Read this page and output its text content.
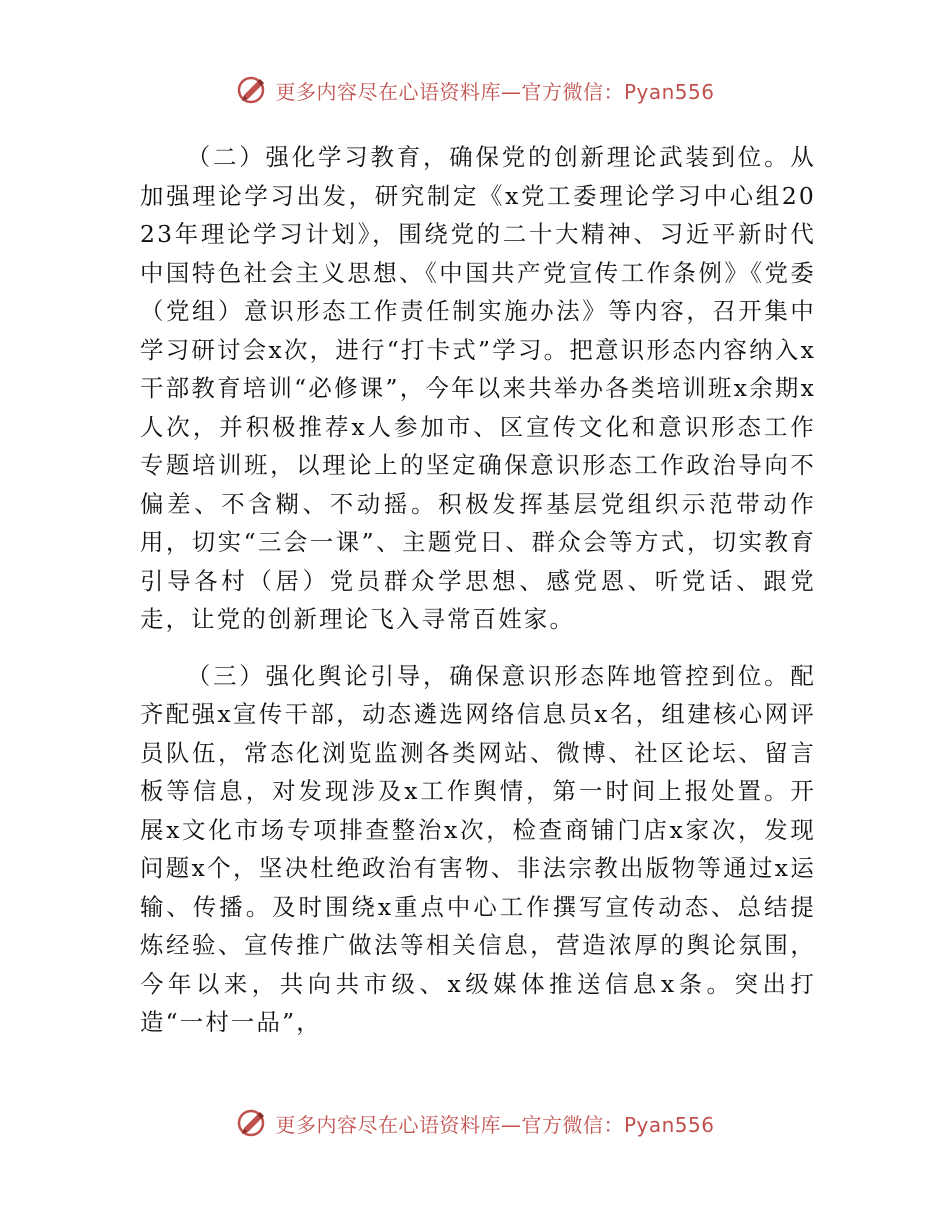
更多内容尽在心语资料库—官方微信：Pyan556

（二）强化学习教育，确保党的创新理论武装到位。从加强理论学习出发，研究制定《x党工委理论学习中心组2023年理论学习计划》，围绕党的二十大精神、习近平新时代中国特色社会主义思想、《中国共产党宣传工作条例》《党委（党组）意识形态工作责任制实施办法》等内容，召开集中学习研讨会x次，进行“打卡式”学习。把意识形态内容纳入x干部教育培训“必修课”，今年以来共举办各类培训班x余期x人次，并积极推荐x人参加市、区宣传文化和意识形态工作专题培训班，以理论上的坚定确保意识形态工作政治导向不偏差、不含糊、不动摇。积极发挥基层党组织示范带动作用，切实“三会一课”、主题党日、群众会等方式，切实教育引导各村（居）党员群众学思想、感党恩、听党话、跟党走，让党的创新理论飞入寻常百姓家。

（三）强化舆论引导，确保意识形态阵地管控到位。配齐配强x宣传干部，动态遴选网络信息员x名，组建核心网评员队伍，常态化浏览监测各类网站、微博、社区论坛、留言板等信息，对发现涉及x工作舆情，第一时间上报处置。开展x文化市场专项排查整治x次，检查商铺门店x家次，发现问题x个，坚决杜绝政治有害物、非法宗教出版物等通过x运输、传播。及时围绕x重点中心工作撰写宣传动态、总结提炼经验、宣传推广做法等相关信息，营造浓厚的舆论氛围，今年以来，共向共市级、x级媒体推送信息x条。突出打造“一村一品”，

更多内容尽在心语资料库—官方微信：Pyan556
